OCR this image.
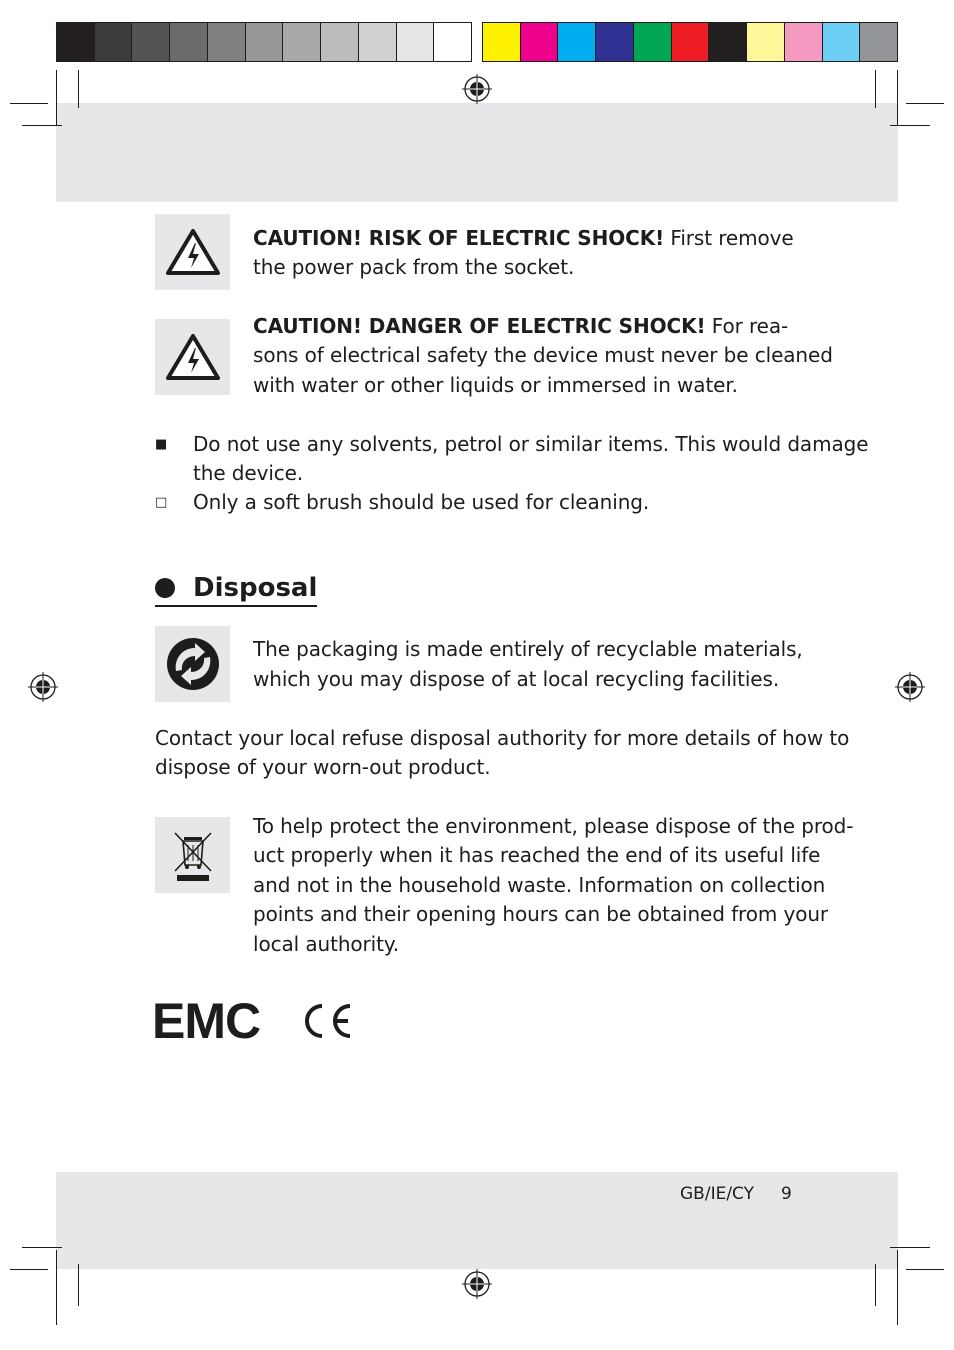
CAUTION! RISK OF ELECTRIC SHOCK! First remove
the power pack from the socket.
CAUTION! DANGER OF ELECTRIC SHOCK! For rea-
sons of electrical safety the device must never be cleaned
with water or other liquids or immersed in water.
■ Do not use any solvents, petrol or similar items. This would damage
the device.
□ Only a soft brush should be used for cleaning.
Disposal
The packaging is made entirely of recyclable materials,
which you may dispose of at local recycling facilities.
Contact your local refuse disposal authority for more details of how to
dispose of your worn-out product.
To help protect the environment, please dispose of the prod-
uct properly when it has reached the end of its useful life
and not in the household waste. Information on collection
points and their opening hours can be obtained from your
local authority.
EMC
GB/IE/CY 9
